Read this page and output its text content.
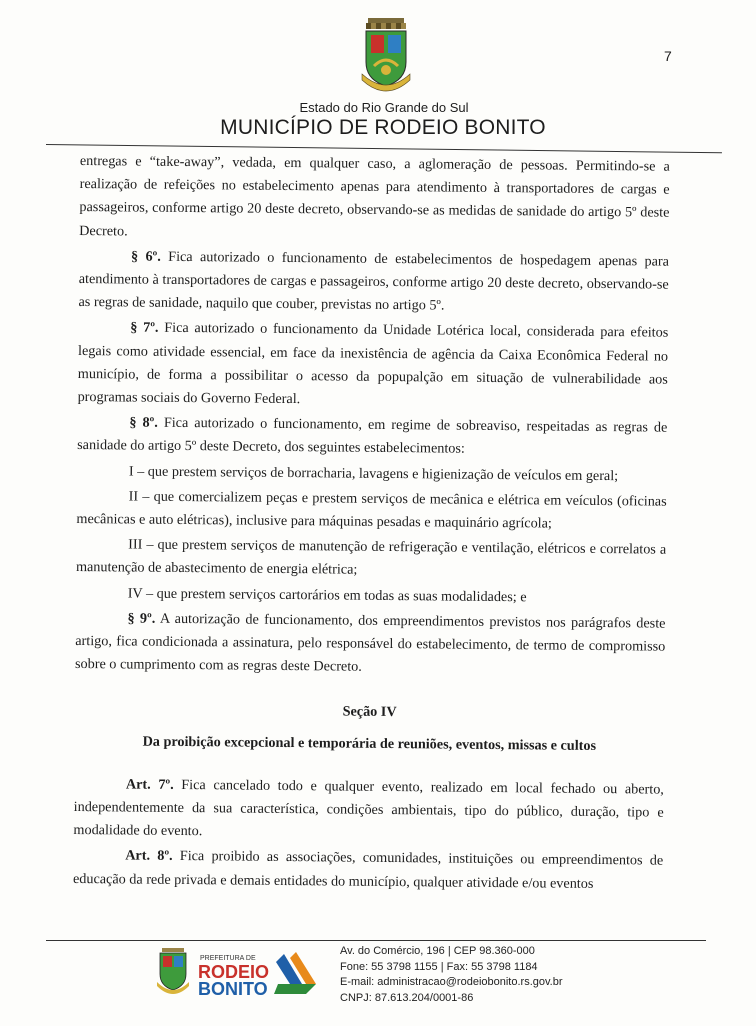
7
Estado do Rio Grande do Sul
MUNICÍPIO DE RODEIO BONITO

entregas e “take-away”, vedada, em qualquer caso, a aglomeração de pessoas. Permitindo-se a realização de refeições no estabelecimento apenas para atendimento à transportadores de cargas e passageiros, conforme artigo 20 deste decreto, observando-se as medidas de sanidade do artigo 5º deste Decreto.

§ 6º. Fica autorizado o funcionamento de estabelecimentos de hospedagem apenas para atendimento à transportadores de cargas e passageiros, conforme artigo 20 deste decreto, observando-se as regras de sanidade, naquilo que couber, previstas no artigo 5º.

§ 7º. Fica autorizado o funcionamento da Unidade Lotérica local, considerada para efeitos legais como atividade essencial, em face da inexistência de agência da Caixa Econômica Federal no município, de forma a possibilitar o acesso da popupalção em situação de vulnerabilidade aos programas sociais do Governo Federal.

§ 8º. Fica autorizado o funcionamento, em regime de sobreaviso, respeitadas as regras de sanidade do artigo 5º deste Decreto, dos seguintes estabelecimentos:

I – que prestem serviços de borracharia, lavagens e higienização de veículos em geral;

II – que comercializem peças e prestem serviços de mecânica e elétrica em veículos (oficinas mecânicas e auto elétricas), inclusive para máquinas pesadas e maquinário agrícola;

III – que prestem serviços de manutenção de refrigeração e ventilação, elétricos e correlatos a manutenção de abastecimento de energia elétrica;

IV – que prestem serviços cartorários em todas as suas modalidades; e

§ 9º. A autorização de funcionamento, dos empreendimentos previstos nos parágrafos deste artigo, fica condicionada a assinatura, pelo responsável do estabelecimento, de termo de compromisso sobre o cumprimento com as regras deste Decreto.

Seção IV

Da proibição excepcional e temporária de reuniões, eventos, missas e cultos

Art. 7º. Fica cancelado todo e qualquer evento, realizado em local fechado ou aberto, independentemente da sua característica, condições ambientais, tipo do público, duração, tipo e modalidade do evento.

Art. 8º. Fica proibido as associações, comunidades, instituições ou empreendimentos de educação da rede privada e demais entidades do município, qualquer atividade e/ou eventos

PREFEITURA DE
RODEIO
BONITO
Av. do Comércio, 196 | CEP 98.360-000
Fone: 55 3798 1155 | Fax: 55 3798 1184
E-mail: administracao@rodeiobonito.rs.gov.br
CNPJ: 87.613.204/0001-86
